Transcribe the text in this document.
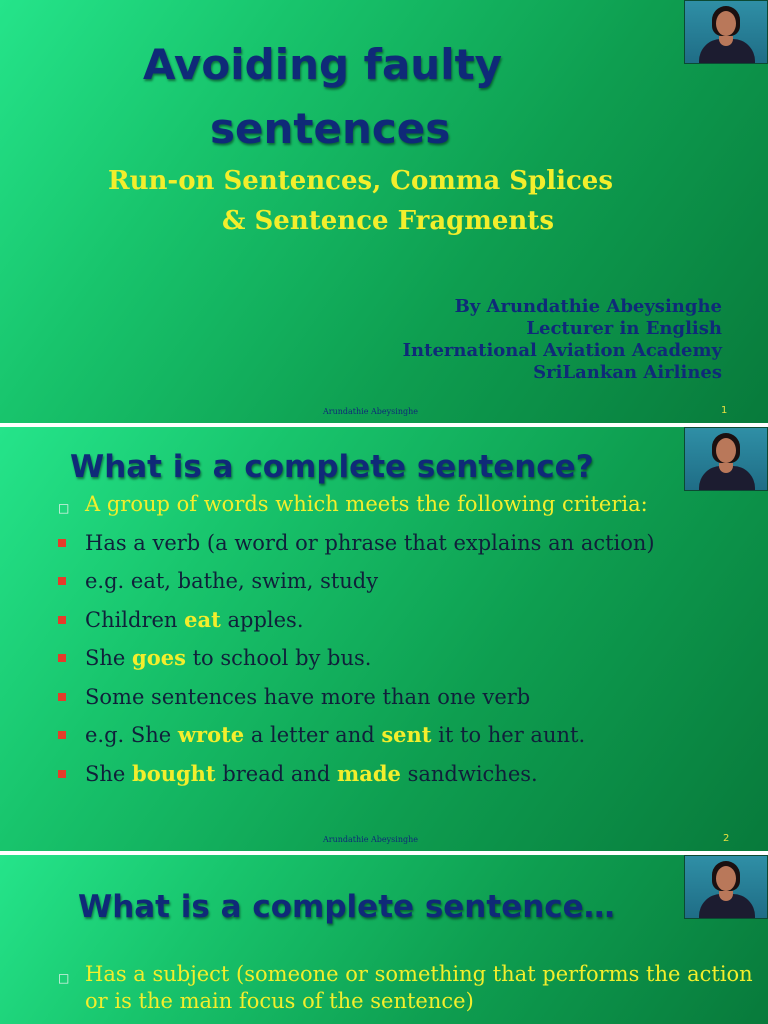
Avoiding faulty
sentences
Run-on Sentences, Comma Splices
& Sentence Fragments
By Arundathie Abeysinghe
Lecturer in English
International Aviation Academy
SriLankan Airlines
Arundathie Abeysinghe	1
What is a complete sentence?
□ A group of words which meets the following criteria:
Has a verb (a word or phrase that explains an action)
e.g. eat, bathe, swim, study
Children eat apples.
She goes to school by bus.
Some sentences have more than one verb
e.g. She wrote a letter and sent it to her aunt.
She bought bread and made sandwiches.
Arundathie Abeysinghe	2
What is a complete sentence…
□ Has a subject (someone or something that performs the action or is the main focus of the sentence)
